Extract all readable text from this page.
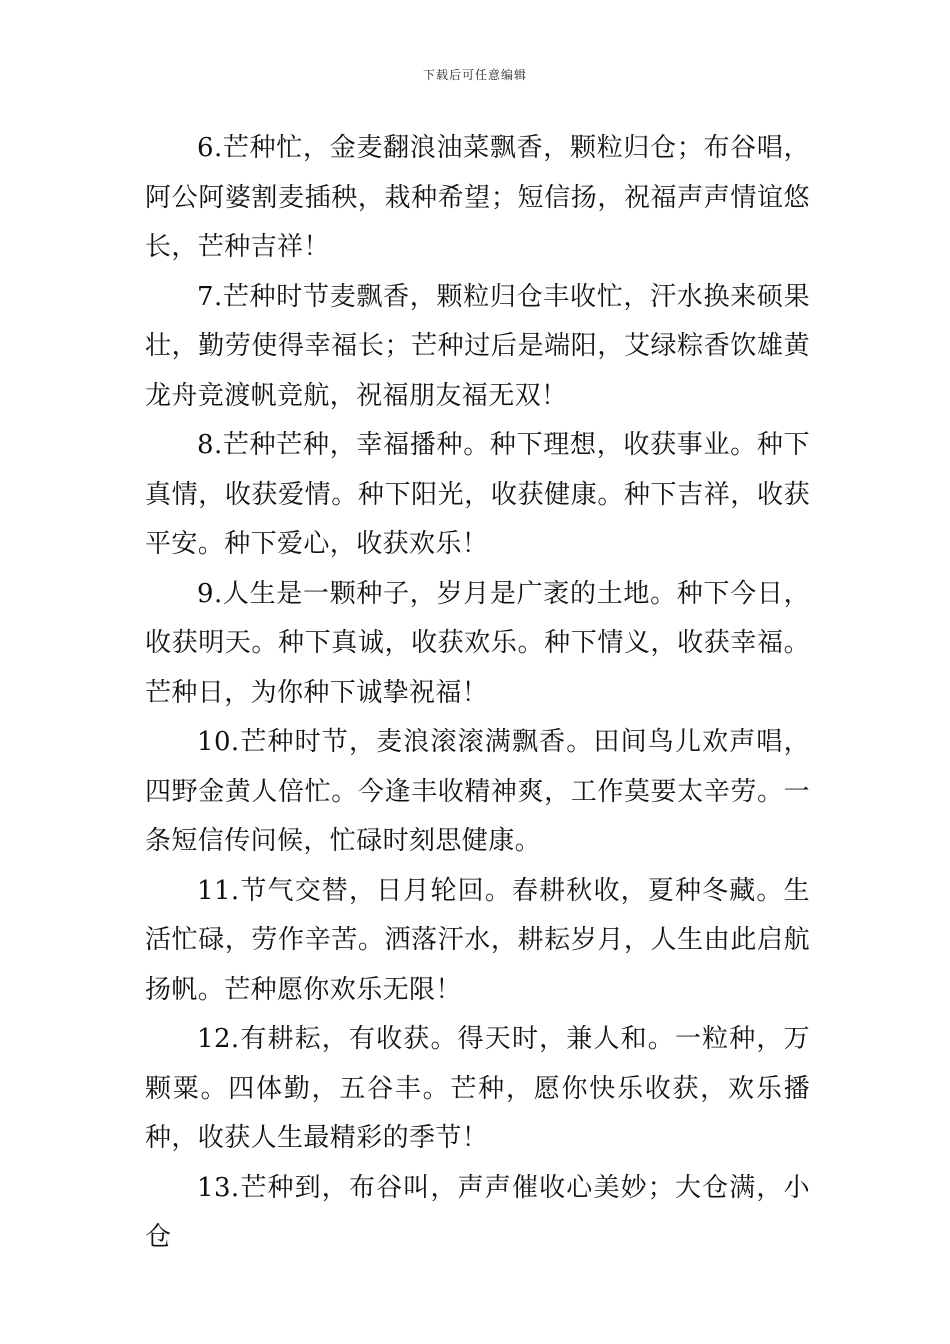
下载后可任意编辑

6.芒种忙，金麦翻浪油菜飘香，颗粒归仓；布谷唱，阿公阿婆割麦插秧，栽种希望；短信扬，祝福声声情谊悠长，芒种吉祥！

7.芒种时节麦飘香，颗粒归仓丰收忙，汗水换来硕果壮，勤劳使得幸福长；芒种过后是端阳，艾绿粽香饮雄黄龙舟竞渡帆竞航，祝福朋友福无双！

8.芒种芒种，幸福播种。种下理想，收获事业。种下真情，收获爱情。种下阳光，收获健康。种下吉祥，收获平安。种下爱心，收获欢乐！

9.人生是一颗种子，岁月是广袤的土地。种下今日，收获明天。种下真诚，收获欢乐。种下情义，收获幸福。芒种日，为你种下诚挚祝福！

10.芒种时节，麦浪滚滚满飘香。田间鸟儿欢声唱，四野金黄人倍忙。今逢丰收精神爽，工作莫要太辛劳。一条短信传问候，忙碌时刻思健康。

11.节气交替，日月轮回。春耕秋收，夏种冬藏。生活忙碌，劳作辛苦。洒落汗水，耕耘岁月，人生由此启航扬帆。芒种愿你欢乐无限！

12.有耕耘，有收获。得天时，兼人和。一粒种，万颗粟。四体勤，五谷丰。芒种，愿你快乐收获，欢乐播种，收获人生最精彩的季节！

13.芒种到，布谷叫，声声催收心美妙；大仓满，小仓
